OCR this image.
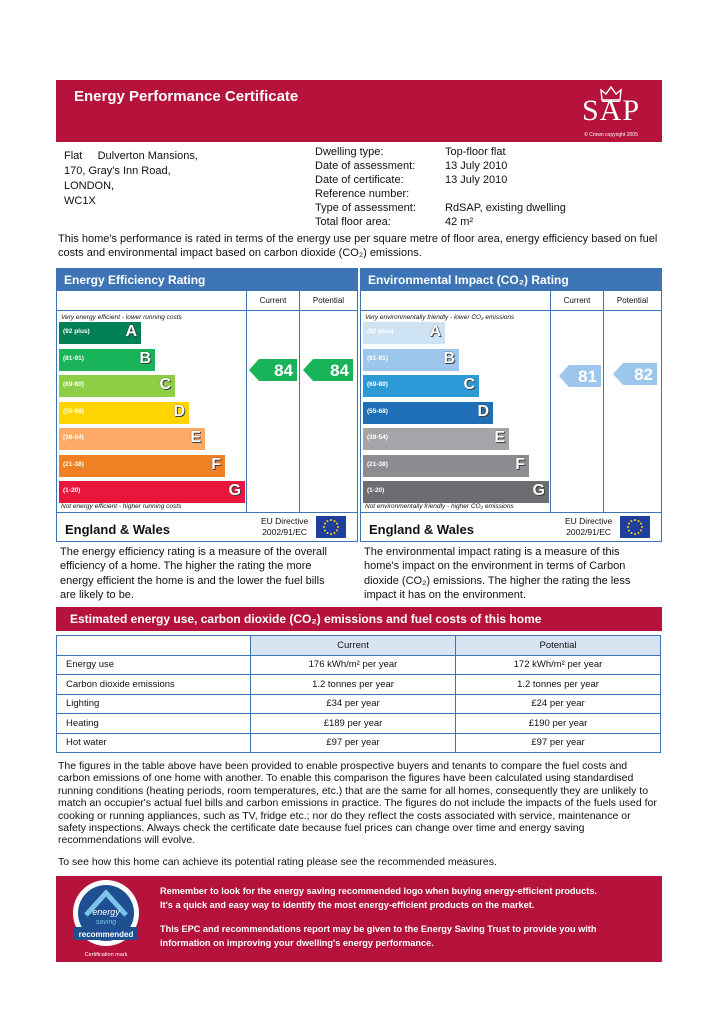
Energy Performance Certificate	SAP
© Crown copyright 2005
Flat     Dulverton Mansions,
170, Gray's Inn Road,
LONDON,
WC1X
Dwelling type:	Top-floor flat
Date of assessment:	13 July 2010
Date of certificate:	13 July 2010
Reference number:
Type of assessment:	RdSAP, existing dwelling
Total floor area:	42 m²
This home's performance is rated in terms of the energy use per square metre of floor area, energy efficiency based on fuel costs and environmental impact based on carbon dioxide (CO₂) emissions.
Energy Efficiency Rating
Current	Potential
Very energy efficient - lower running costs
Not energy efficient - higher running costs
(92 plus) A
(81-91)	B
(69-80)	C
(55-68)	D
(39-54)	E
(21-38)	F
(1-20)	G
84 84
England & Wales
EU Directive
2002/91/EC
Environmental Impact (CO₂) Rating
Current	Potential
Very environmentally friendly - lower CO₂ emissions
Not environmentally friendly - higher CO₂ emissions
(92 plus) A
(81-91)	B
(69-80)	C
(55-68)	D
(39-54)	E
(21-38)	F
(1-20)	G
81 82
England & Wales
EU Directive
2002/91/EC
The energy efficiency rating is a measure of the overall efficiency of a home. The higher the rating the more energy efficient the home is and the lower the fuel bills are likely to be.
The environmental impact rating is a measure of this home's impact on the environment in terms of Carbon dioxide (CO₂) emissions. The higher the rating the less impact it has on the environment.
Estimated energy use, carbon dioxide (CO₂) emissions and fuel costs of this home
	Current	Potential
Energy use	176 kWh/m² per year	172 kWh/m² per year
Carbon dioxide emissions	1.2 tonnes per year	1.2 tonnes per year
Lighting	£34 per year	£24 per year
Heating	£189 per year	£190 per year
Hot water	£97 per year	£97 per year
The figures in the table above have been provided to enable prospective buyers and tenants to compare the fuel costs and carbon emissions of one home with another. To enable this comparison the figures have been calculated using standardised running conditions (heating periods, room temperatures, etc.) that are the same for all homes, consequently they are unlikely to match an occupier's actual fuel bills and carbon emissions in practice. The figures do not include the impacts of the fuels used for cooking or running appliances, such as TV, fridge etc.; nor do they reflect the costs associated with service, maintenance or safety inspections. Always check the certificate date because fuel prices can change over time and energy saving recommendations will evolve.
To see how this home can achieve its potential rating please see the recommended measures.
energy
saving
recommended
Certification mark
Remember to look for the energy saving recommended logo when buying energy-efficient products.
It's a quick and easy way to identify the most energy-efficient products on the market.
This EPC and recommendations report may be given to the Energy Saving Trust to provide you with
information on improving your dwelling's energy performance.
